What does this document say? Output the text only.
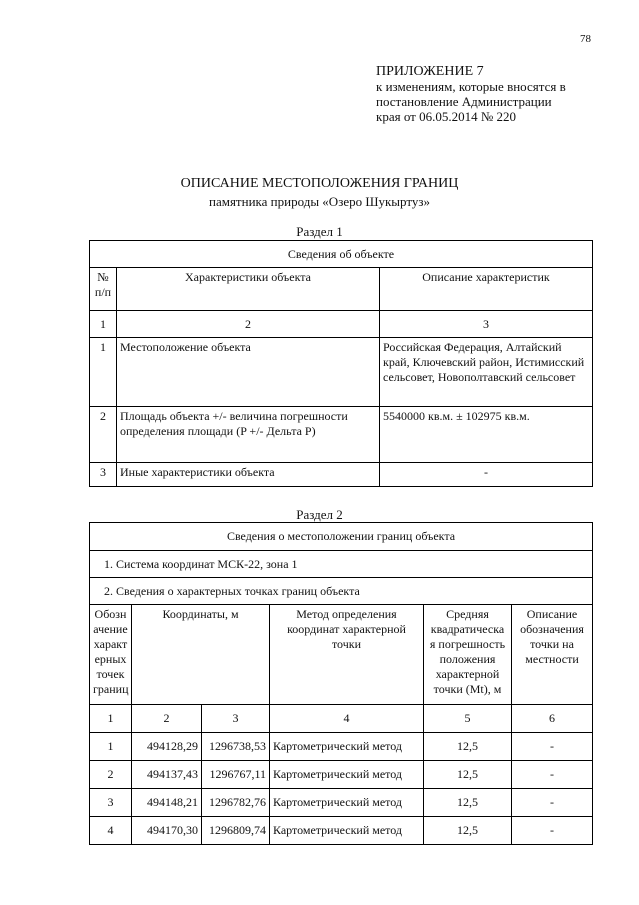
78
ПРИЛОЖЕНИЕ 7
к изменениям, которые вносятся в
постановление Администрации
края от 06.05.2014 № 220
ОПИСАНИЕ МЕСТОПОЛОЖЕНИЯ ГРАНИЦ
памятника природы «Озеро Шукыртуз»
Раздел 1
Сведения об объекте		
№ п/п	Характеристики объекта	Описание характеристик
1	2	3
1	Местоположение объекта	Российская Федерация, Алтайский край, Ключевский район, Истимисский сельсовет, Новополтавский сельсовет
2	Площадь объекта +/- величина погрешности определения площади (P +/- Дельта P)	5540000 кв.м. ± 102975 кв.м.
3	Иные характеристики объекта	-
Раздел 2
Сведения о местоположении границ объекта					
1. Система координат МСК-22, зона 1					
2. Сведения о характерных точках границ объекта					
Обозн ачение характ ерных точек границ	Координаты, м		Метод определения координат характерной точки	Средняя квадратическа я погрешность положения характерной точки (Mt), м	Описание обозначения точки на местности
1	2	3	4	5	6
1	494128,29	1296738,53	Картометрический метод	12,5	-
2	494137,43	1296767,11	Картометрический метод	12,5	-
3	494148,21	1296782,76	Картометрический метод	12,5	-
4	494170,30	1296809,74	Картометрический метод	12,5	-
